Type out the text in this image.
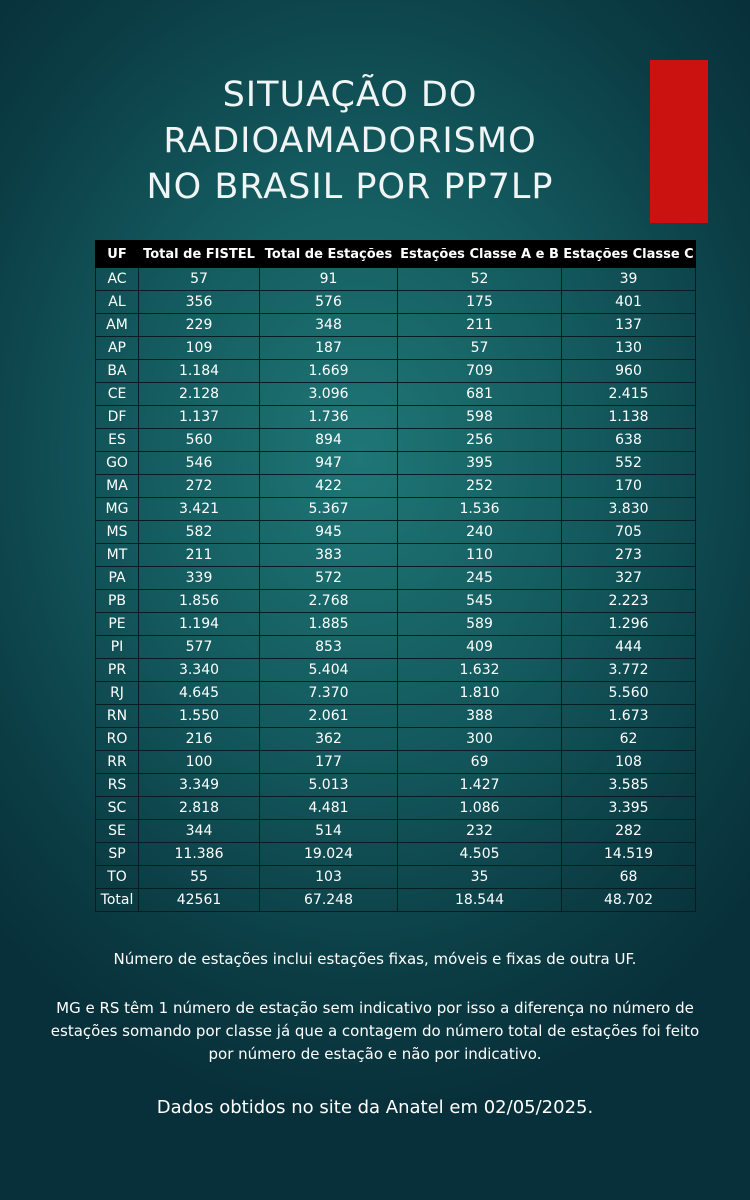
SITUAÇÃO DO
RADIOAMADORISMO
NO BRASIL POR PP7LP
UF	Total de FISTEL	Total de Estações	Estações Classe A e B	Estações Classe C
AC	57	91	52	39
AL	356	576	175	401
AM	229	348	211	137
AP	109	187	57	130
BA	1.184	1.669	709	960
CE	2.128	3.096	681	2.415
DF	1.137	1.736	598	1.138
ES	560	894	256	638
GO	546	947	395	552
MA	272	422	252	170
MG	3.421	5.367	1.536	3.830
MS	582	945	240	705
MT	211	383	110	273
PA	339	572	245	327
PB	1.856	2.768	545	2.223
PE	1.194	1.885	589	1.296
PI	577	853	409	444
PR	3.340	5.404	1.632	3.772
RJ	4.645	7.370	1.810	5.560
RN	1.550	2.061	388	1.673
RO	216	362	300	62
RR	100	177	69	108
RS	3.349	5.013	1.427	3.585
SC	2.818	4.481	1.086	3.395
SE	344	514	232	282
SP	11.386	19.024	4.505	14.519
TO	55	103	35	68
Total	42561	67.248	18.544	48.702

Número de estações inclui estações fixas, móveis e fixas de outra UF.

MG e RS têm 1 número de estação sem indicativo por isso a diferença no número de
estações somando por classe já que a contagem do número total de estações foi feito
por número de estação e não por indicativo.

Dados obtidos no site da Anatel em 02/05/2025.
